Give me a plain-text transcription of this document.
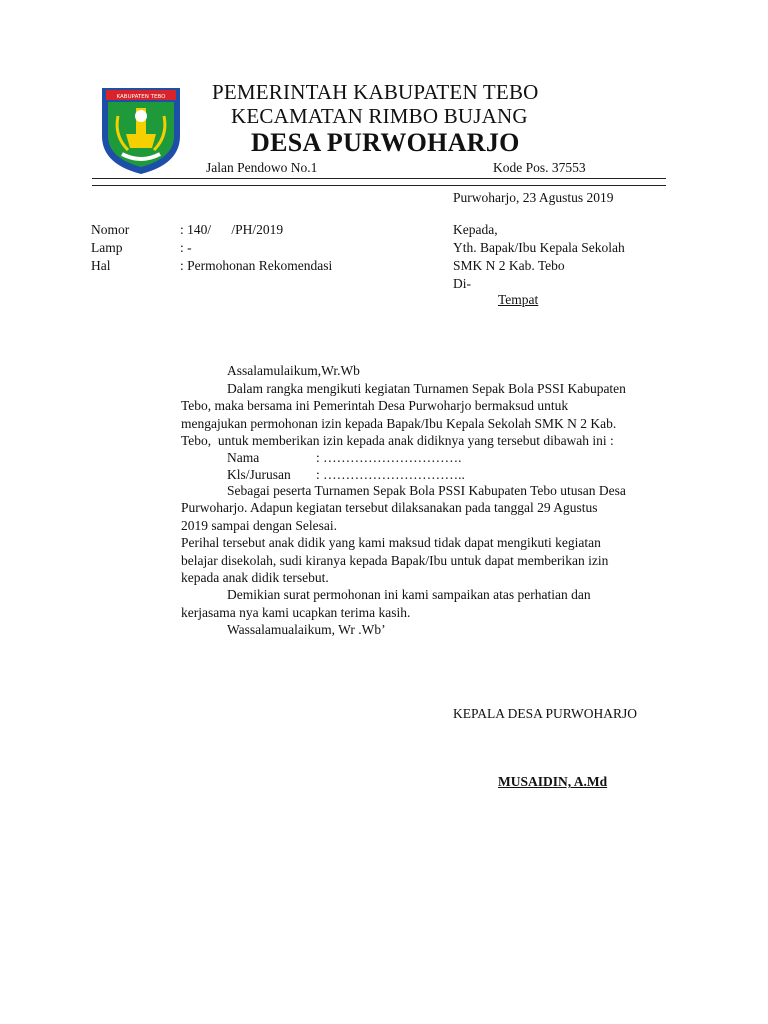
KABUPATEN TEBO PEMERINTAH KABUPATEN TEBO
KECAMATAN RIMBO BUJANG
DESA PURWOHARJO
Jalan Pendowo No.1	Kode Pos. 37553
Purwoharjo, 23 Agustus 2019
Nomor	: 140/      /PH/2019
Lamp	: -
Hal	: Permohonan Rekomendasi
Kepada,
Yth. Bapak/Ibu Kepala Sekolah
SMK N 2 Kab. Tebo
Di-
Tempat
Assalamulaikum,Wr.Wb

Dalam rangka mengikuti kegiatan Turnamen Sepak Bola PSSI Kabupaten

Tebo, maka bersama ini Pemerintah Desa Purwoharjo bermaksud untuk

mengajukan permohonan izin kepada Bapak/Ibu Kepala Sekolah SMK N 2 Kab.

Tebo,  untuk memberikan izin kepada anak didiknya yang tersebut dibawah ini :

Nama	: ………………………….
Kls/Jurusan : …………………………..

Sebagai peserta Turnamen Sepak Bola PSSI Kabupaten Tebo utusan Desa

Purwoharjo. Adapun kegiatan tersebut dilaksanakan pada tanggal 29 Agustus

2019 sampai dengan Selesai.

Perihal tersebut anak didik yang kami maksud tidak dapat mengikuti kegiatan

belajar disekolah, sudi kiranya kepada Bapak/Ibu untuk dapat memberikan izin

kepada anak didik tersebut.

Demikian surat permohonan ini kami sampaikan atas perhatian dan

kerjasama nya kami ucapkan terima kasih.

Wassalamualaikum, Wr .Wb’

KEPALA DESA PURWOHARJO
MUSAIDIN, A.Md
